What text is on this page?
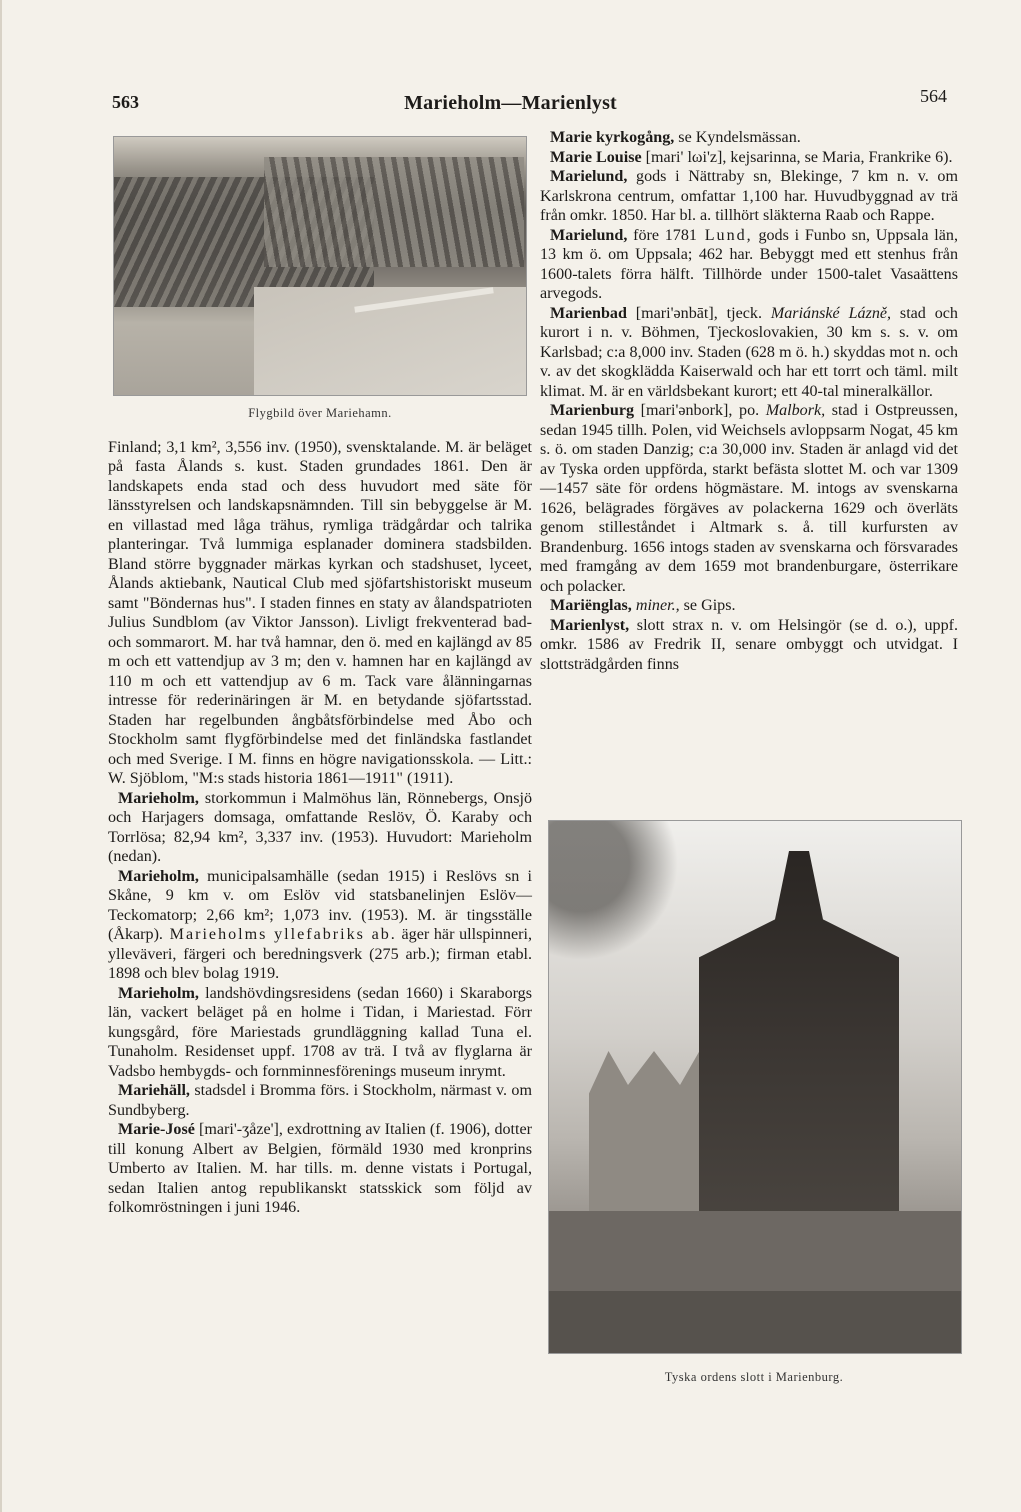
563	Marieholm—Marienlyst	564
Flygbild över Mariehamn.

Finland; 3,1 km², 3,556 inv. (1950), svensktalande. M. är beläget på fasta Ålands s. kust. Staden grundades 1861. Den är landskapets enda stad och dess huvudort med säte för länsstyrelsen och landskapsnämnden. Till sin bebyggelse är M. en villastad med låga trähus, rymliga trädgårdar och talrika planteringar. Två lummiga esplanader dominera stadsbilden. Bland större byggnader märkas kyrkan och stadshuset, lyceet, Ålands aktiebank, Nautical Club med sjöfartshistoriskt museum samt "Böndernas hus". I staden finnes en staty av ålandspatrioten Julius Sundblom (av Viktor Jansson). Livligt frekventerad bad- och sommarort. M. har två hamnar, den ö. med en kajlängd av 85 m och ett vattendjup av 3 m; den v. hamnen har en kajlängd av 110 m och ett vattendjup av 6 m. Tack vare ålänningarnas intresse för rederinäringen är M. en betydande sjöfartsstad. Staden har regelbunden ångbåtsförbindelse med Åbo och Stockholm samt flygförbindelse med det finländska fastlandet och med Sverige. I M. finns en högre navigationsskola. — Litt.: W. Sjöblom, "M:s stads historia 1861—1911" (1911).

Marieholm, storkommun i Malmöhus län, Rönnebergs, Onsjö och Harjagers domsaga, omfattande Reslöv, Ö. Karaby och Torrlösa; 82,94 km², 3,337 inv. (1953). Huvudort: Marieholm (nedan).

Marieholm, municipalsamhälle (sedan 1915) i Reslövs sn i Skåne, 9 km v. om Eslöv vid statsbanelinjen Eslöv—Teckomatorp; 2,66 km²; 1,073 inv. (1953). M. är tingsställe (Åkarp). Marieholms yllefabriks ab. äger här ullspinneri, ylleväveri, färgeri och beredningsverk (275 arb.); firman etabl. 1898 och blev bolag 1919.

Marieholm, landshövdingsresidens (sedan 1660) i Skaraborgs län, vackert beläget på en holme i Tidan, i Mariestad. Förr kungsgård, före Mariestads grundläggning kallad Tuna el. Tunaholm. Residenset uppf. 1708 av trä. I två av flyglarna är Vadsbo hembygds- och fornminnesförenings museum inrymt.

Mariehäll, stadsdel i Bromma förs. i Stockholm, närmast v. om Sundbyberg.

Marie-José [mari'-ʒåze'], exdrottning av Italien (f. 1906), dotter till konung Albert av Belgien, förmäld 1930 med kronprins Umberto av Italien. M. har tills. m. denne vistats i Portugal, sedan Italien antog republikanskt statsskick som följd av folkomröstningen i juni 1946.

Marie kyrkogång, se Kyndelsmässan.

Marie Louise [mari' lωi'z], kejsarinna, se Maria, Frankrike 6).

Marielund, gods i Nättraby sn, Blekinge, 7 km n. v. om Karlskrona centrum, omfattar 1,100 har. Huvudbyggnad av trä från omkr. 1850. Har bl. a. tillhört släkterna Raab och Rappe.

Marielund, före 1781 Lund, gods i Funbo sn, Uppsala län, 13 km ö. om Uppsala; 462 har. Bebyggt med ett stenhus från 1600-talets förra hälft. Tillhörde under 1500-talet Vasaättens arvegods.

Marienbad [mari'ənbāt], tjeck. Mariánské Lázně, stad och kurort i n. v. Böhmen, Tjeckoslovakien, 30 km s. s. v. om Karlsbad; c:a 8,000 inv. Staden (628 m ö. h.) skyddas mot n. och v. av det skogklädda Kaiserwald och har ett torrt och täml. milt klimat. M. är en världsbekant kurort; ett 40-tal mineralkällor.

Marienburg [mari'ənbork], po. Malbork, stad i Ostpreussen, sedan 1945 tillh. Polen, vid Weichsels avloppsarm Nogat, 45 km s. ö. om staden Danzig; c:a 30,000 inv. Staden är anlagd vid det av Tyska orden uppförda, starkt befästa slottet M. och var 1309—1457 säte för ordens högmästare. M. intogs av svenskarna 1626, belägrades förgäves av polackerna 1629 och överläts genom stilleståndet i Altmark s. å. till kurfursten av Brandenburg. 1656 intogs staden av svenskarna och försvarades med framgång av dem 1659 mot brandenburgare, österrikare och polacker.

Mariёnglas, miner., se Gips.

Marienlyst, slott strax n. v. om Helsingör (se d. o.), uppf. omkr. 1586 av Fredrik II, senare ombyggt och utvidgat. I slottsträdgården finns

Tyska ordens slott i Marienburg.
